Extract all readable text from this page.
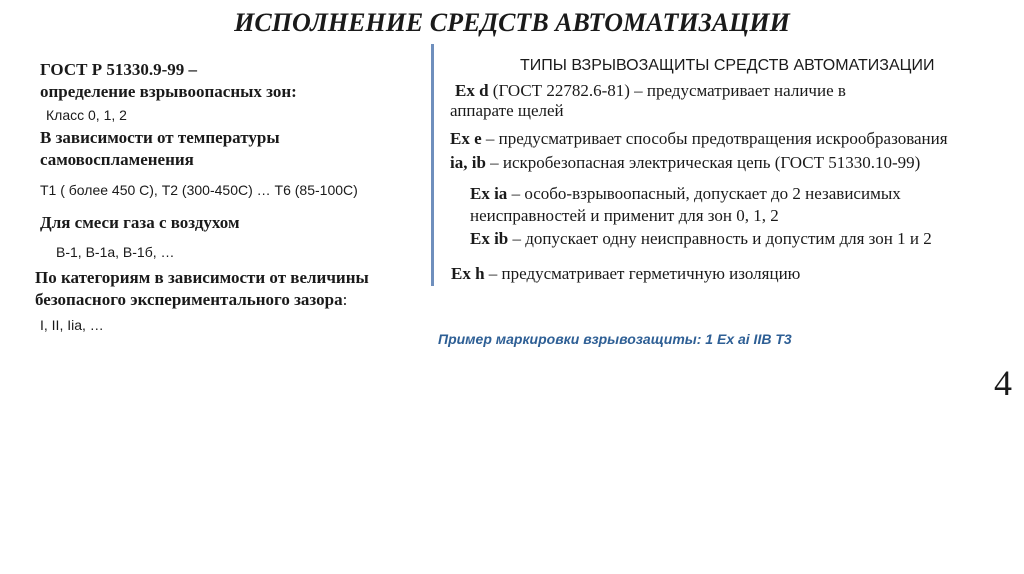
ИСПОЛНЕНИЕ СРЕДСТВ АВТОМАТИЗАЦИИ
ГОСТ Р 51330.9-99 –
определение взрывоопасных зон:
Класс 0, 1, 2
В зависимости от температуры
самовоспламенения
Т1 ( более 450 С), Т2 (300-450С) … Т6 (85-100С)
Для смеси газа с воздухом
В-1, В-1а, В-1б, …
По категориям в зависимости от величины
безопасного экспериментального зазора:
I, II, Iia, …
ТИПЫ ВЗРЫВОЗАЩИТЫ СРЕДСТВ АВТОМАТИЗАЦИИ
Ex d (ГОСТ 22782.6-81) – предусматривает наличие в
аппарате щелей
Ex e – предусматривает способы предотвращения искрообразования
ia, ib – искробезопасная электрическая цепь (ГОСТ 51330.10-99)
Ex ia – особо-взрывоопасный, допускает до 2 независимых
неисправностей и применит для зон 0, 1, 2
Ex ib – допускает одну неисправность и допустим для зон 1 и 2
Ex h – предусматривает герметичную изоляцию
Пример маркировки взрывозащиты: 1 Ex ai IIB T3
4
